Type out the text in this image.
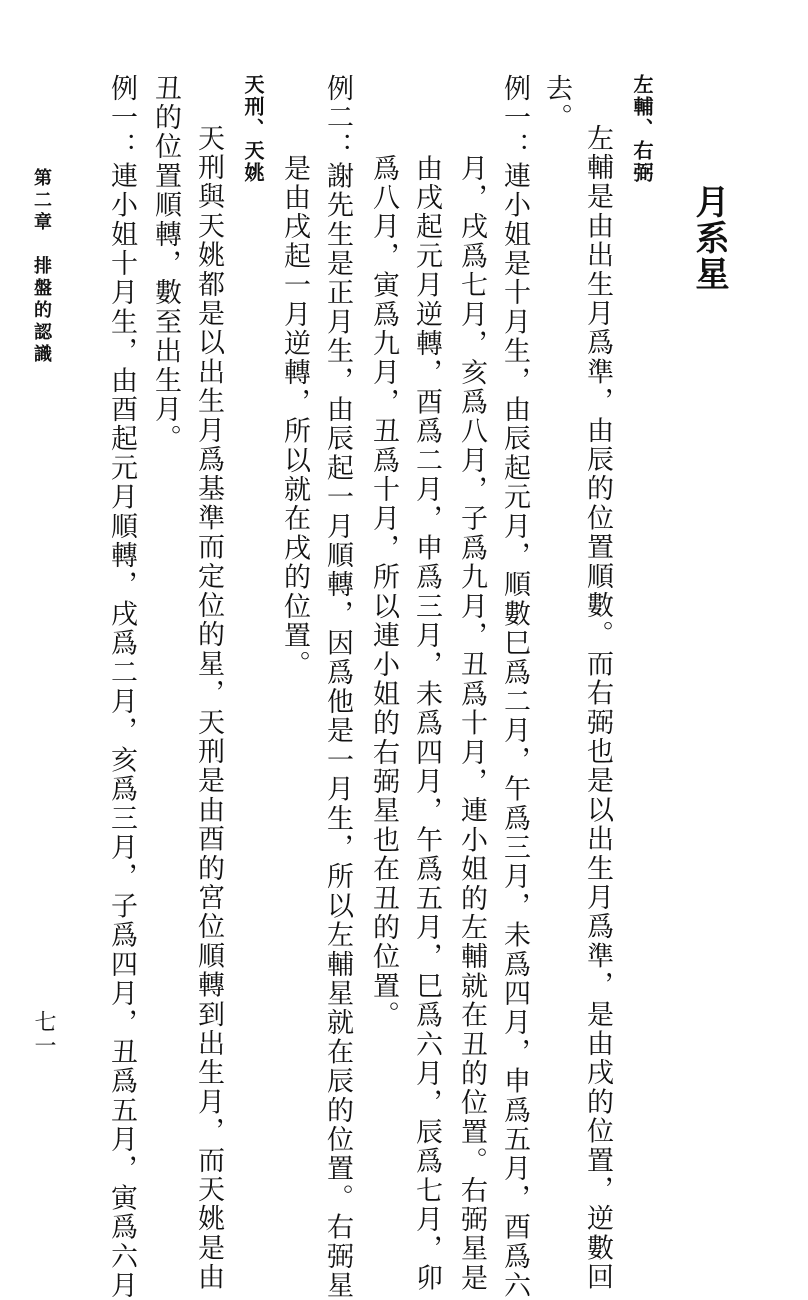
月系星
左輔、右弼
左輔是由出生月爲準，由辰的位置順數。而右弼也是以出生月爲準，是由戌的位置，逆數回
去。
例一：連小姐是十月生，由辰起元月，順數巳爲二月，午爲三月，未爲四月，申爲五月，酉爲六
月，戌爲七月，亥爲八月，子爲九月，丑爲十月，連小姐的左輔就在丑的位置。右弼星是
由戌起元月逆轉，酉爲二月，申爲三月，未爲四月，午爲五月，巳爲六月，辰爲七月，卯
爲八月，寅爲九月，丑爲十月，所以連小姐的右弼星也在丑的位置。
例二：謝先生是正月生，由辰起一月順轉，因爲他是一月生，所以左輔星就在辰的位置。右弼星
是由戌起一月逆轉，所以就在戌的位置。
天刑、天姚
天刑與天姚都是以出生月爲基準而定位的星，天刑是由酉的宮位順轉到出生月，而天姚是由
丑的位置順轉，數至出生月。
例一：連小姐十月生，由酉起元月順轉，戌爲二月，亥爲三月，子爲四月，丑爲五月，寅爲六月
第二章　排盤的認識
七一
